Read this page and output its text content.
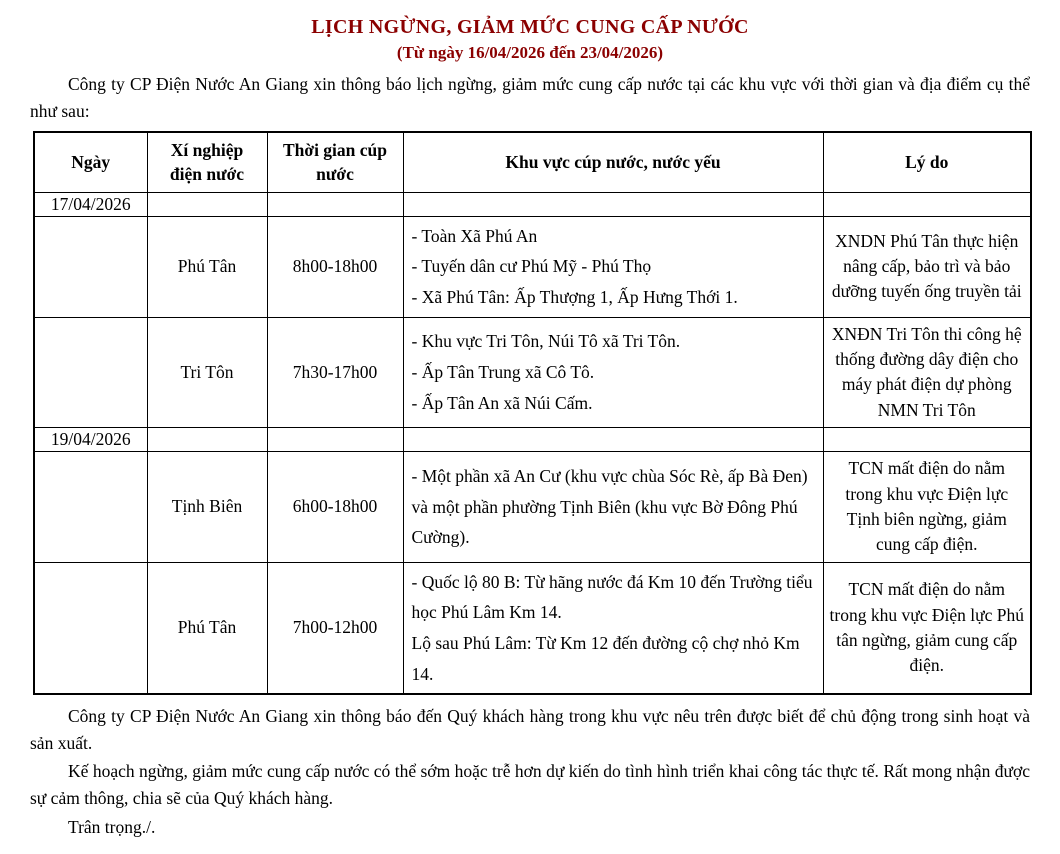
LỊCH NGỪNG, GIẢM MỨC CUNG CẤP NƯỚC
(Từ ngày 16/04/2026 đến 23/04/2026)

Công ty CP Điện Nước An Giang xin thông báo lịch ngừng, giảm mức cung cấp nước tại các khu vực với thời gian và địa điểm cụ thể như sau:

Ngày	Xí nghiệp điện nước	Thời gian cúp nước	Khu vực cúp nước, nước yếu	Lý do
17/04/2026				
	Phú Tân	8h00-18h00	- Toàn Xã Phú An
- Tuyến dân cư Phú Mỹ - Phú Thọ
- Xã Phú Tân: Ấp Thượng 1, Ấp Hưng Thới 1.	XNDN Phú Tân thực hiện nâng cấp, bảo trì và bảo dưỡng tuyến ống truyền tải
	Tri Tôn	7h30-17h00	- Khu vực Tri Tôn, Núi Tô xã Tri Tôn.
- Ấp Tân Trung xã Cô Tô.
- Ấp Tân An xã Núi Cấm.	XNĐN Tri Tôn thi công hệ thống đường dây điện cho máy phát điện dự phòng NMN Tri Tôn
19/04/2026				
	Tịnh Biên	6h00-18h00	- Một phần xã An Cư (khu vực chùa Sóc Rè, ấp Bà Đen) và một phần phường Tịnh Biên (khu vực Bờ Đông Phú Cường).	TCN mất điện do nằm trong khu vực Điện lực Tịnh biên ngừng, giảm cung cấp điện.
	Phú Tân	7h00-12h00	- Quốc lộ 80 B: Từ hãng nước đá Km 10 đến Trường tiểu học Phú Lâm Km 14.
Lộ sau Phú Lâm: Từ Km 12 đến đường cộ chợ nhỏ Km 14.	TCN mất điện do nằm trong khu vực Điện lực Phú tân ngừng, giảm cung cấp điện.

Công ty CP Điện Nước An Giang xin thông báo đến Quý khách hàng trong khu vực nêu trên được biết để chủ động trong sinh hoạt và sản xuất.

Kế hoạch ngừng, giảm mức cung cấp nước có thể sớm hoặc trễ hơn dự kiến do tình hình triển khai công tác thực tế. Rất mong nhận được sự cảm thông, chia sẽ của Quý khách hàng.

Trân trọng./.
